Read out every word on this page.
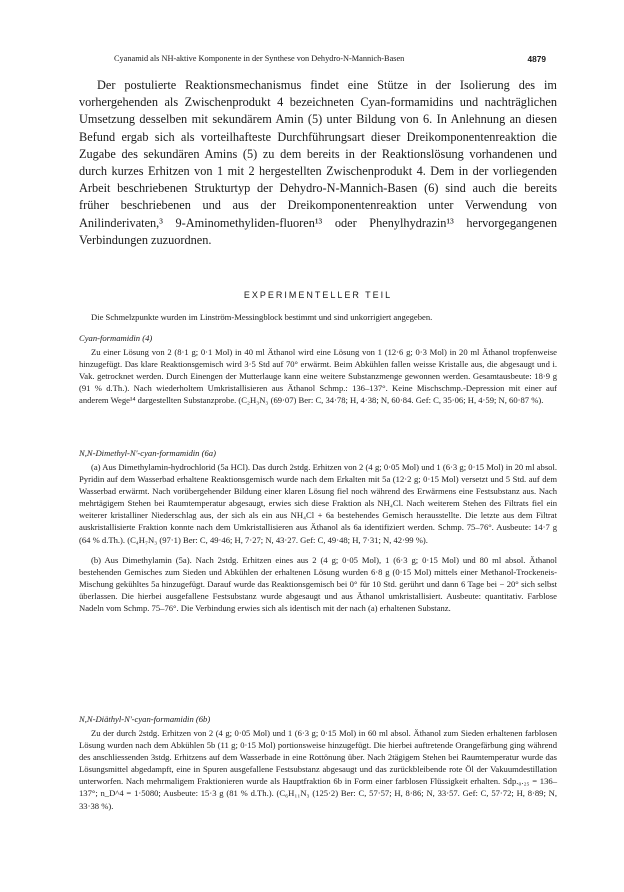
Cyanamid als NH-aktive Komponente in der Synthese von Dehydro-N-Mannich-Basen	4879

Der postulierte Reaktionsmechanismus findet eine Stütze in der Isolierung des im vorhergehenden als Zwischenprodukt 4 bezeichneten Cyan-formamidins und nachträglichen Umsetzung desselben mit sekundärem Amin (5) unter Bildung von 6. In Anlehnung an diesen Befund ergab sich als vorteilhafteste Durchführungsart dieser Dreikomponentenreaktion die Zugabe des sekundären Amins (5) zu dem bereits in der Reaktionslösung vorhandenen und durch kurzes Erhitzen von 1 mit 2 hergestellten Zwischenprodukt 4. Dem in der vorliegenden Arbeit beschriebenen Strukturtyp der Dehydro-N-Mannich-Basen (6) sind auch die bereits früher beschriebenen und aus der Dreikomponentenreaktion unter Verwendung von Anilinderivaten,³ 9-Aminomethyliden-fluoren¹³ oder Phenylhydrazin¹³ hervorgegangenen Verbindungen zuzuordnen.

EXPERIMENTELLER TEIL

Die Schmelzpunkte wurden im Linström-Messingblock bestimmt und sind unkorrigiert angegeben.

Cyan-formamidin (4)

Zu einer Lösung von 2 (8·1 g; 0·1 Mol) in 40 ml Äthanol wird eine Lösung von 1 (12·6 g; 0·3 Mol) in 20 ml Äthanol tropfenweise hinzugefügt. Das klare Reaktionsgemisch wird 3·5 Std auf 70° erwärmt. Beim Abkühlen fallen weisse Kristalle aus, die abgesaugt und i. Vak. getrocknet werden. Durch Einengen der Mutterlauge kann eine weitere Substanzmenge gewonnen werden. Gesamtausbeute: 18·9 g (91 % d.Th.). Nach wiederholtem Umkristallisieren aus Äthanol Schmp.: 136–137°. Keine Mischschmp.-Depression mit einer auf anderem Wege¹⁴ dargestellten Substanzprobe. (C₂H₃N₃ (69·07) Ber: C, 34·78; H, 4·38; N, 60·84. Gef: C, 35·06; H, 4·59; N, 60·87 %).

N,N-Dimethyl-N'-cyan-formamidin (6a)

(a) Aus Dimethylamin-hydrochlorid (5a HCl). Das durch 2stdg. Erhitzen von 2 (4 g; 0·05 Mol) und 1 (6·3 g; 0·15 Mol) in 20 ml absol. Pyridin auf dem Wasserbad erhaltene Reaktionsgemisch wurde nach dem Erkalten mit 5a (12·2 g; 0·15 Mol) versetzt und 5 Std. auf dem Wasserbad erwärmt. Nach vorübergehender Bildung einer klaren Lösung fiel noch während des Erwärmens eine Festsubstanz aus. Nach mehrtägigem Stehen bei Raumtemperatur abgesaugt, erwies sich diese Fraktion als NH₄Cl. Nach weiterem Stehen des Filtrats fiel ein weiterer kristalliner Niederschlag aus, der sich als ein aus NH₄Cl + 6a bestehendes Gemisch herausstellte. Die letzte aus dem Filtrat auskristallisierte Fraktion konnte nach dem Umkristallisieren aus Äthanol als 6a identifiziert werden. Schmp. 75–76°. Ausbeute: 14·7 g (64 % d.Th.). (C₄H₇N₃ (97·1) Ber: C, 49·46; H, 7·27; N, 43·27. Gef: C, 49·48; H, 7·31; N, 42·99 %).

(b) Aus Dimethylamin (5a). Nach 2stdg. Erhitzen eines aus 2 (4 g; 0·05 Mol), 1 (6·3 g; 0·15 Mol) und 80 ml absol. Äthanol bestehenden Gemisches zum Sieden und Abkühlen der erhaltenen Lösung wurden 6·8 g (0·15 Mol) mittels einer Methanol-Trockeneis-Mischung gekühltes 5a hinzugefügt. Darauf wurde das Reaktionsgemisch bei 0° für 10 Std. gerührt und dann 6 Tage bei − 20° sich selbst überlassen. Die hierbei ausgefallene Festsubstanz wurde abgesaugt und aus Äthanol umkristallisiert. Ausbeute: quantitativ. Farblose Nadeln vom Schmp. 75–76°. Die Verbindung erwies sich als identisch mit der nach (a) erhaltenen Substanz.

N,N-Diäthyl-N'-cyan-formamidin (6b)

Zu der durch 2stdg. Erhitzen von 2 (4 g; 0·05 Mol) und 1 (6·3 g; 0·15 Mol) in 60 ml absol. Äthanol zum Sieden erhaltenen farblosen Lösung wurden nach dem Abkühlen 5b (11 g; 0·15 Mol) portionsweise hinzugefügt. Die hierbei auftretende Orangefärbung ging während des anschliessenden 3stdg. Erhitzens auf dem Wasserbade in eine Rottönung über. Nach 2tägigem Stehen bei Raumtemperatur wurde das Lösungsmittel abgedampft, eine in Spuren ausgefallene Festsubstanz abgesaugt und das zurückbleibende rote Öl der Vakuumdestillation unterworfen. Nach mehrmaligem Fraktionieren wurde als Hauptfraktion 6b in Form einer farblosen Flüssigkeit erhalten. Sdp.₀.₂₅ = 136–137°; n_D^4 = 1·5080; Ausbeute: 15·3 g (81 % d.Th.). (C₆H₁₁N₃ (125·2) Ber: C, 57·57; H, 8·86; N, 33·57. Gef: C, 57·72; H, 8·89; N, 33·38 %).
